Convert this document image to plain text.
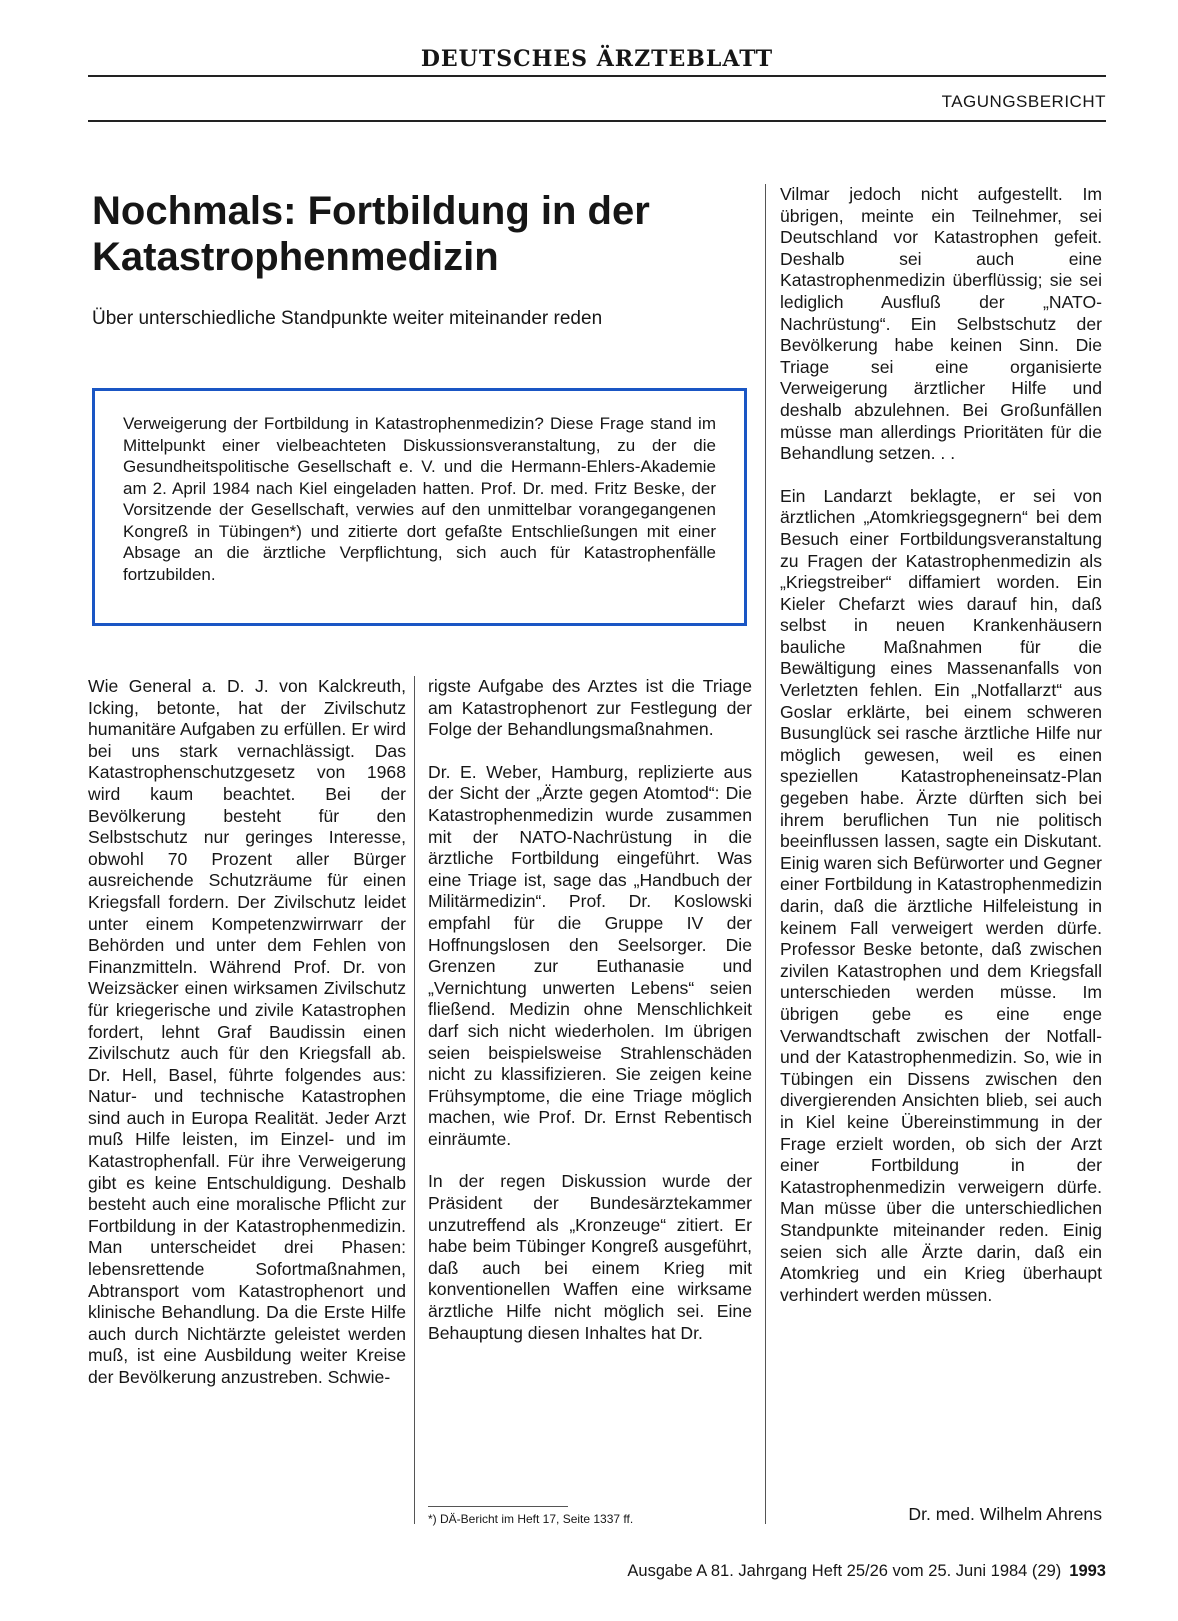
DEUTSCHES ÄRZTEBLATT
TAGUNGSBERICHT
Nochmals: Fortbildung in der Katastrophenmedizin
Über unterschiedliche Standpunkte weiter miteinander reden
Verweigerung der Fortbildung in Katastrophenmedizin? Diese Frage stand im Mittelpunkt einer vielbeachteten Diskussionsveranstaltung, zu der die Gesundheitspolitische Gesellschaft e. V. und die Hermann-Ehlers-Akademie am 2. April 1984 nach Kiel eingeladen hatten. Prof. Dr. med. Fritz Beske, der Vorsitzende der Gesellschaft, verwies auf den unmittelbar vorangegangenen Kongreß in Tübingen*) und zitierte dort gefaßte Entschließungen mit einer Absage an die ärztliche Verpflichtung, sich auch für Katastrophenfälle fortzubilden.

Wie General a. D. J. von Kalckreuth, Icking, betonte, hat der Zivilschutz humanitäre Aufgaben zu erfüllen. Er wird bei uns stark vernachlässigt. Das Katastrophenschutzgesetz von 1968 wird kaum beachtet. Bei der Bevölkerung besteht für den Selbstschutz nur geringes Interesse, obwohl 70 Prozent aller Bürger ausreichende Schutzräume für einen Kriegsfall fordern. Der Zivilschutz leidet unter einem Kompetenzwirrwarr der Behörden und unter dem Fehlen von Finanzmitteln. Während Prof. Dr. von Weizsäcker einen wirksamen Zivilschutz für kriegerische und zivile Katastrophen fordert, lehnt Graf Baudissin einen Zivilschutz auch für den Kriegsfall ab. Dr. Hell, Basel, führte folgendes aus: Natur- und technische Katastrophen sind auch in Europa Realität. Jeder Arzt muß Hilfe leisten, im Einzel- und im Katastrophenfall. Für ihre Verweigerung gibt es keine Entschuldigung. Deshalb besteht auch eine moralische Pflicht zur Fortbildung in der Katastrophenmedizin. Man unterscheidet drei Phasen: lebensrettende Sofortmaßnahmen, Abtransport vom Katastrophenort und klinische Behandlung. Da die Erste Hilfe auch durch Nichtärzte geleistet werden muß, ist eine Ausbildung weiter Kreise der Bevölkerung anzustreben. Schwie-

rigste Aufgabe des Arztes ist die Triage am Katastrophenort zur Festlegung der Folge der Behandlungsmaßnahmen.

Dr. E. Weber, Hamburg, replizierte aus der Sicht der „Ärzte gegen Atomtod“: Die Katastrophenmedizin wurde zusammen mit der NATO-Nachrüstung in die ärztliche Fortbildung eingeführt. Was eine Triage ist, sage das „Handbuch der Militärmedizin“. Prof. Dr. Koslowski empfahl für die Gruppe IV der Hoffnungslosen den Seelsorger. Die Grenzen zur Euthanasie und „Vernichtung unwerten Lebens“ seien fließend. Medizin ohne Menschlichkeit darf sich nicht wiederholen. Im übrigen seien beispielsweise Strahlenschäden nicht zu klassifizieren. Sie zeigen keine Frühsymptome, die eine Triage möglich machen, wie Prof. Dr. Ernst Rebentisch einräumte.

In der regen Diskussion wurde der Präsident der Bundesärztekammer unzutreffend als „Kronzeuge“ zitiert. Er habe beim Tübinger Kongreß ausgeführt, daß auch bei einem Krieg mit konventionellen Waffen eine wirksame ärztliche Hilfe nicht möglich sei. Eine Behauptung diesen Inhaltes hat Dr.

Vilmar jedoch nicht aufgestellt. Im übrigen, meinte ein Teilnehmer, sei Deutschland vor Katastrophen gefeit. Deshalb sei auch eine Katastrophenmedizin überflüssig; sie sei lediglich Ausfluß der „NATO-Nachrüstung“. Ein Selbstschutz der Bevölkerung habe keinen Sinn. Die Triage sei eine organisierte Verweigerung ärztlicher Hilfe und deshalb abzulehnen. Bei Großunfällen müsse man allerdings Prioritäten für die Behandlung setzen. . .

Ein Landarzt beklagte, er sei von ärztlichen „Atomkriegsgegnern“ bei dem Besuch einer Fortbildungsveranstaltung zu Fragen der Katastrophenmedizin als „Kriegstreiber“ diffamiert worden. Ein Kieler Chefarzt wies darauf hin, daß selbst in neuen Krankenhäusern bauliche Maßnahmen für die Bewältigung eines Massenanfalls von Verletzten fehlen. Ein „Notfallarzt“ aus Goslar erklärte, bei einem schweren Busunglück sei rasche ärztliche Hilfe nur möglich gewesen, weil es einen speziellen Katastropheneinsatz-Plan gegeben habe. Ärzte dürften sich bei ihrem beruflichen Tun nie politisch beeinflussen lassen, sagte ein Diskutant. Einig waren sich Befürworter und Gegner einer Fortbildung in Katastrophenmedizin darin, daß die ärztliche Hilfeleistung in keinem Fall verweigert werden dürfe. Professor Beske betonte, daß zwischen zivilen Katastrophen und dem Kriegsfall unterschieden werden müsse. Im übrigen gebe es eine enge Verwandtschaft zwischen der Notfall- und der Katastrophenmedizin. So, wie in Tübingen ein Dissens zwischen den divergierenden Ansichten blieb, sei auch in Kiel keine Übereinstimmung in der Frage erzielt worden, ob sich der Arzt einer Fortbildung in der Katastrophenmedizin verweigern dürfe. Man müsse über die unterschiedlichen Standpunkte miteinander reden. Einig seien sich alle Ärzte darin, daß ein Atomkrieg und ein Krieg überhaupt verhindert werden müssen.

*) DÄ-Bericht im Heft 17, Seite 1337 ff.	Dr. med. Wilhelm Ahrens
Ausgabe A 81. Jahrgang Heft 25/26 vom 25. Juni 1984 (29) 1993
